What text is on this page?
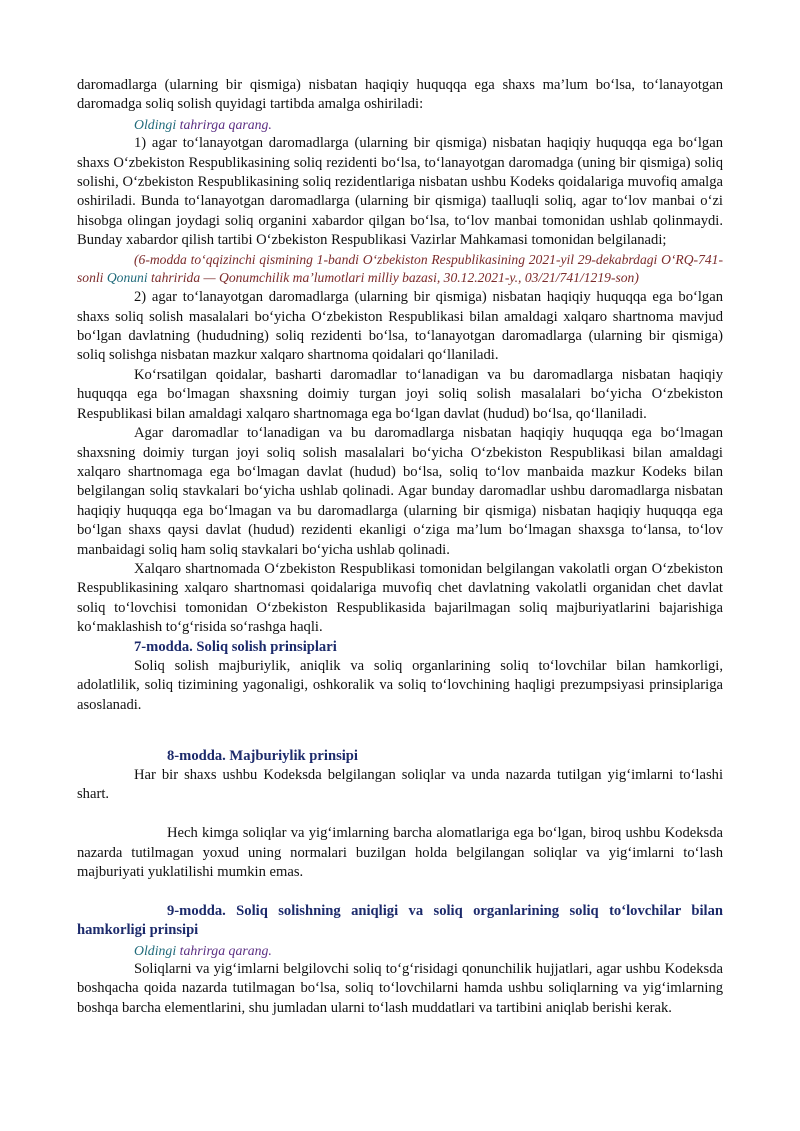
daromadlarga (ularning bir qismiga) nisbatan haqiqiy huquqqa ega shaxs ma’lum bo‘lsa, to‘lanayotgan daromadga soliq solish quyidagi tartibda amalga oshiriladi:

Oldingi tahrirga qarang.

1) agar to‘lanayotgan daromadlarga (ularning bir qismiga) nisbatan haqiqiy huquqqa ega bo‘lgan shaxs O‘zbekiston Respublikasining soliq rezidenti bo‘lsa, to‘lanayotgan daromadga (uning bir qismiga) soliq solishi, O‘zbekiston Respublikasining soliq rezidentlariga nisbatan ushbu Kodeks qoidalariga muvofiq amalga oshiriladi. Bunda to‘lanayotgan daromadlarga (ularning bir qismiga) taalluqli soliq, agar to‘lov manbai o‘zi hisobga olingan joydagi soliq organini xabardor qilgan bo‘lsa, to‘lov manbai tomonidan ushlab qolinmaydi. Bunday xabardor qilish tartibi O‘zbekiston Respublikasi Vazirlar Mahkamasi tomonidan belgilanadi;

(6-modda to‘qqizinchi qismining 1-bandi O‘zbekiston Respublikasining 2021-yil 29-dekabrdagi O‘RQ-741-sonli Qonuni tahririda — Qonumchilik ma’lumotlari milliy bazasi, 30.12.2021-y., 03/21/741/1219-son)

2) agar to‘lanayotgan daromadlarga (ularning bir qismiga) nisbatan haqiqiy huquqqa ega bo‘lgan shaxs soliq solish masalalari bo‘yicha O‘zbekiston Respublikasi bilan amaldagi xalqaro shartnoma mavjud bo‘lgan davlatning (hududning) soliq rezidenti bo‘lsa, to‘lanayotgan daromadlarga (ularning bir qismiga) soliq solishga nisbatan mazkur xalqaro shartnoma qoidalari qo‘llaniladi.

Ko‘rsatilgan qoidalar, basharti daromadlar to‘lanadigan va bu daromadlarga nisbatan haqiqiy huquqqa ega bo‘lmagan shaxsning doimiy turgan joyi soliq solish masalalari bo‘yicha O‘zbekiston Respublikasi bilan amaldagi xalqaro shartnomaga ega bo‘lgan davlat (hudud) bo‘lsa, qo‘llaniladi.

Agar daromadlar to‘lanadigan va bu daromadlarga nisbatan haqiqiy huquqqa ega bo‘lmagan shaxsning doimiy turgan joyi soliq solish masalalari bo‘yicha O‘zbekiston Respublikasi bilan amaldagi xalqaro shartnomaga ega bo‘lmagan davlat (hudud) bo‘lsa, soliq to‘lov manbaida mazkur Kodeks bilan belgilangan soliq stavkalari bo‘yicha ushlab qolinadi. Agar bunday daromadlar ushbu daromadlarga nisbatan haqiqiy huquqqa ega bo‘lmagan va bu daromadlarga (ularning bir qismiga) nisbatan haqiqiy huquqqa ega bo‘lgan shaxs qaysi davlat (hudud) rezidenti ekanligi o‘ziga ma’lum bo‘lmagan shaxsga to‘lansa, to‘lov manbaidagi soliq ham soliq stavkalari bo‘yicha ushlab qolinadi.

Xalqaro shartnomada O‘zbekiston Respublikasi tomonidan belgilangan vakolatli organ O‘zbekiston Respublikasining xalqaro shartnomasi qoidalariga muvofiq chet davlatning vakolatli organidan chet davlat soliq to‘lovchisi tomonidan O‘zbekiston Respublikasida bajarilmagan soliq majburiyatlarini bajarishiga ko‘maklashish to‘g‘risida so‘rashga haqli.

7-modda. Soliq solish prinsiplari

Soliq solish majburiylik, aniqlik va soliq organlarining soliq to‘lovchilar bilan hamkorligi, adolatlilik, soliq tizimining yagonaligi, oshkoralik va soliq to‘lovchining haqligi prezumpsiyasi prinsiplariga asoslanadi.

8-modda. Majburiylik prinsipi

Har bir shaxs ushbu Kodeksda belgilangan soliqlar va unda nazarda tutilgan yig‘imlarni to‘lashi shart.

Hech kimga soliqlar va yig‘imlarning barcha alomatlariga ega bo‘lgan, biroq ushbu Kodeksda nazarda tutilmagan yoxud uning normalari buzilgan holda belgilangan soliqlar va yig‘imlarni to‘lash majburiyati yuklatilishi mumkin emas.

9-modda. Soliq solishning aniqligi va soliq organlarining soliq to‘lovchilar bilan hamkorligi prinsipi

Oldingi tahrirga qarang.

Soliqlarni va yig‘imlarni belgilovchi soliq to‘g‘risidagi qonunchilik hujjatlari, agar ushbu Kodeksda boshqacha qoida nazarda tutilmagan bo‘lsa, soliq to‘lovchilarni hamda ushbu soliqlarning va yig‘imlarning boshqa barcha elementlarini, shu jumladan ularni to‘lash muddatlari va tartibini aniqlab berishi kerak.
